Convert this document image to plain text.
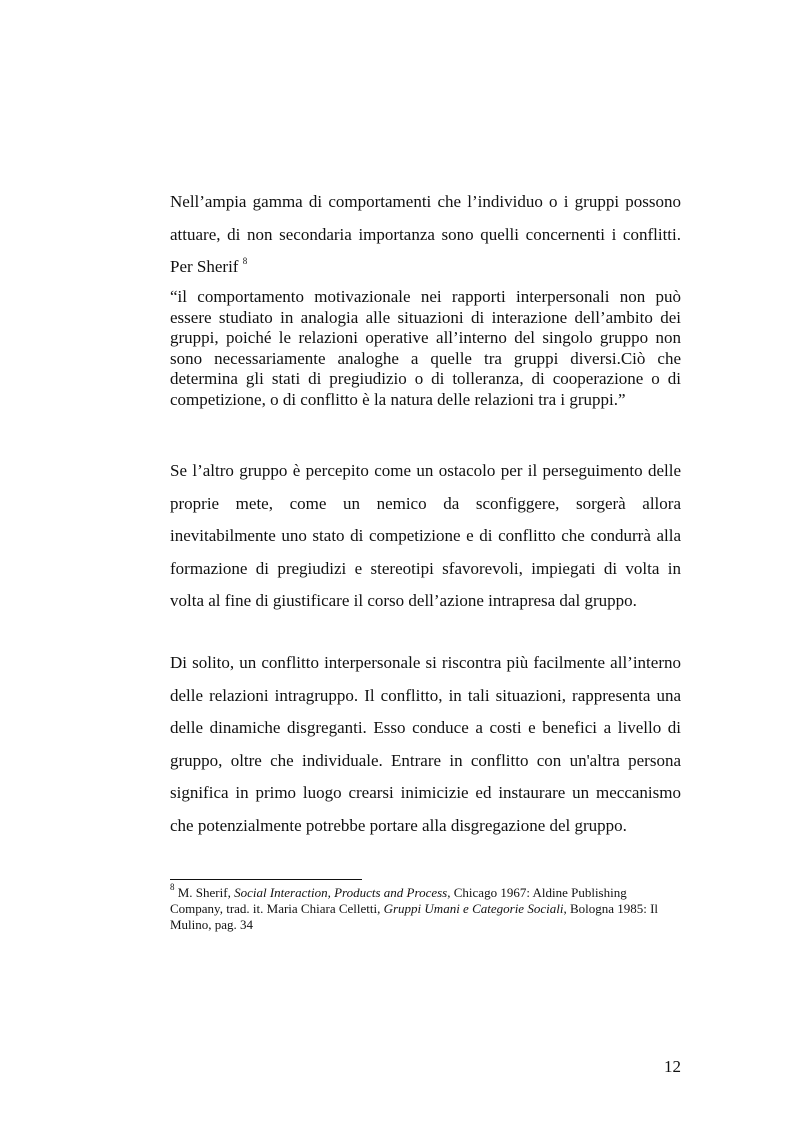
Nell’ampia gamma di comportamenti che l’individuo o i gruppi possono attuare, di non secondaria importanza sono quelli concernenti i conflitti. Per Sherif $^8$

“il comportamento motivazionale nei rapporti interpersonali non può essere studiato in analogia alle situazioni di interazione dell’ambito dei gruppi, poiché le relazioni operative all’interno del singolo gruppo non sono necessariamente analoghe a quelle tra gruppi diversi.Ciò che determina gli stati di pregiudizio o di tolleranza, di cooperazione o di competizione, o di conflitto è la natura delle relazioni tra i gruppi.”

Se l’altro gruppo è percepito come un ostacolo per il perseguimento delle proprie mete, come un nemico da sconfiggere, sorgerà allora inevitabilmente uno stato di competizione e di conflitto che condurrà alla formazione di pregiudizi e stereotipi sfavorevoli, impiegati di volta in volta al fine di giustificare il corso dell’azione intrapresa dal gruppo.

Di solito, un conflitto interpersonale si riscontra più facilmente all’interno delle relazioni intragruppo. Il conflitto, in tali situazioni, rappresenta una delle dinamiche disgreganti. Esso conduce a costi e benefici a livello di gruppo, oltre che individuale. Entrare in conflitto con un'altra persona significa in primo luogo crearsi inimicizie ed instaurare un meccanismo che potenzialmente potrebbe portare alla disgregazione del gruppo.

$^8$ M. Sherif, Social Interaction, Products and Process, Chicago 1967: Aldine Publishing Company, trad. it. Maria Chiara Celletti, Gruppi Umani e Categorie Sociali, Bologna 1985: Il Mulino, pag. 34
12
